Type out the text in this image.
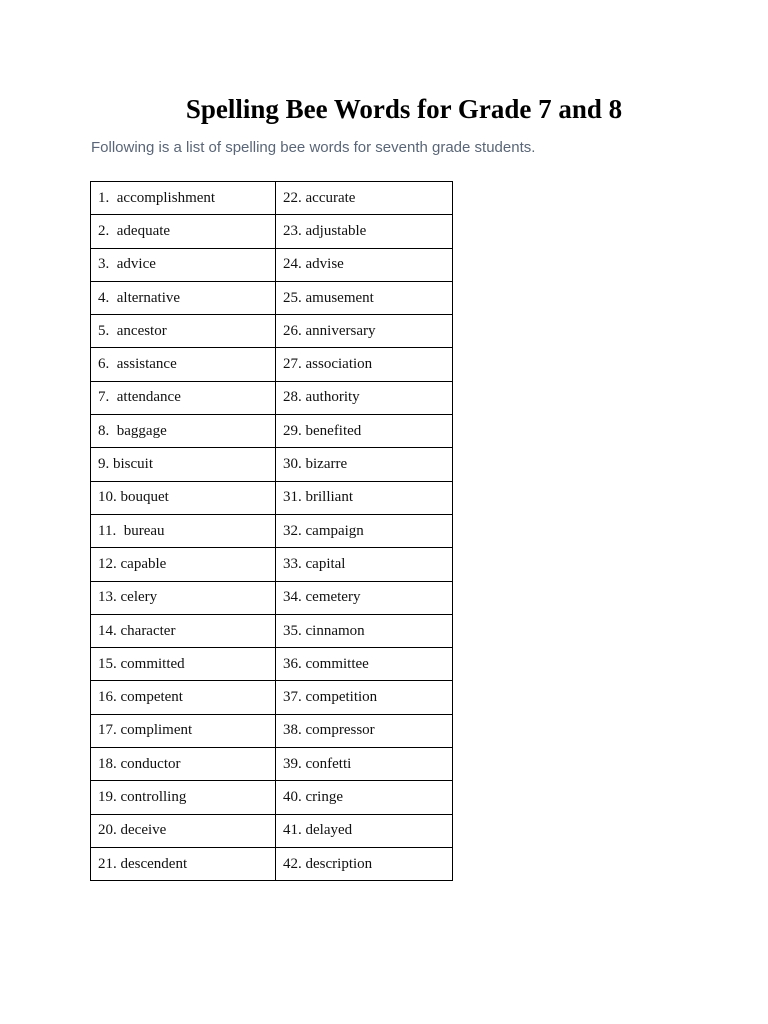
Spelling Bee Words for Grade 7 and 8

Following is a list of spelling bee words for seventh grade students.

1.  accomplishment	22. accurate
2.  adequate	23. adjustable
3.  advice	24. advise
4.  alternative	25. amusement
5.  ancestor	26. anniversary
6.  assistance	27. association
7.  attendance	28. authority
8.  baggage	29. benefited
9. biscuit	30. bizarre
10. bouquet	31. brilliant
11.  bureau	32. campaign
12. capable	33. capital
13. celery	34. cemetery
14. character	35. cinnamon
15. committed	36. committee
16. competent	37. competition
17. compliment	38. compressor
18. conductor	39. confetti
19. controlling	40. cringe
20. deceive	41. delayed
21. descendent	42. description
